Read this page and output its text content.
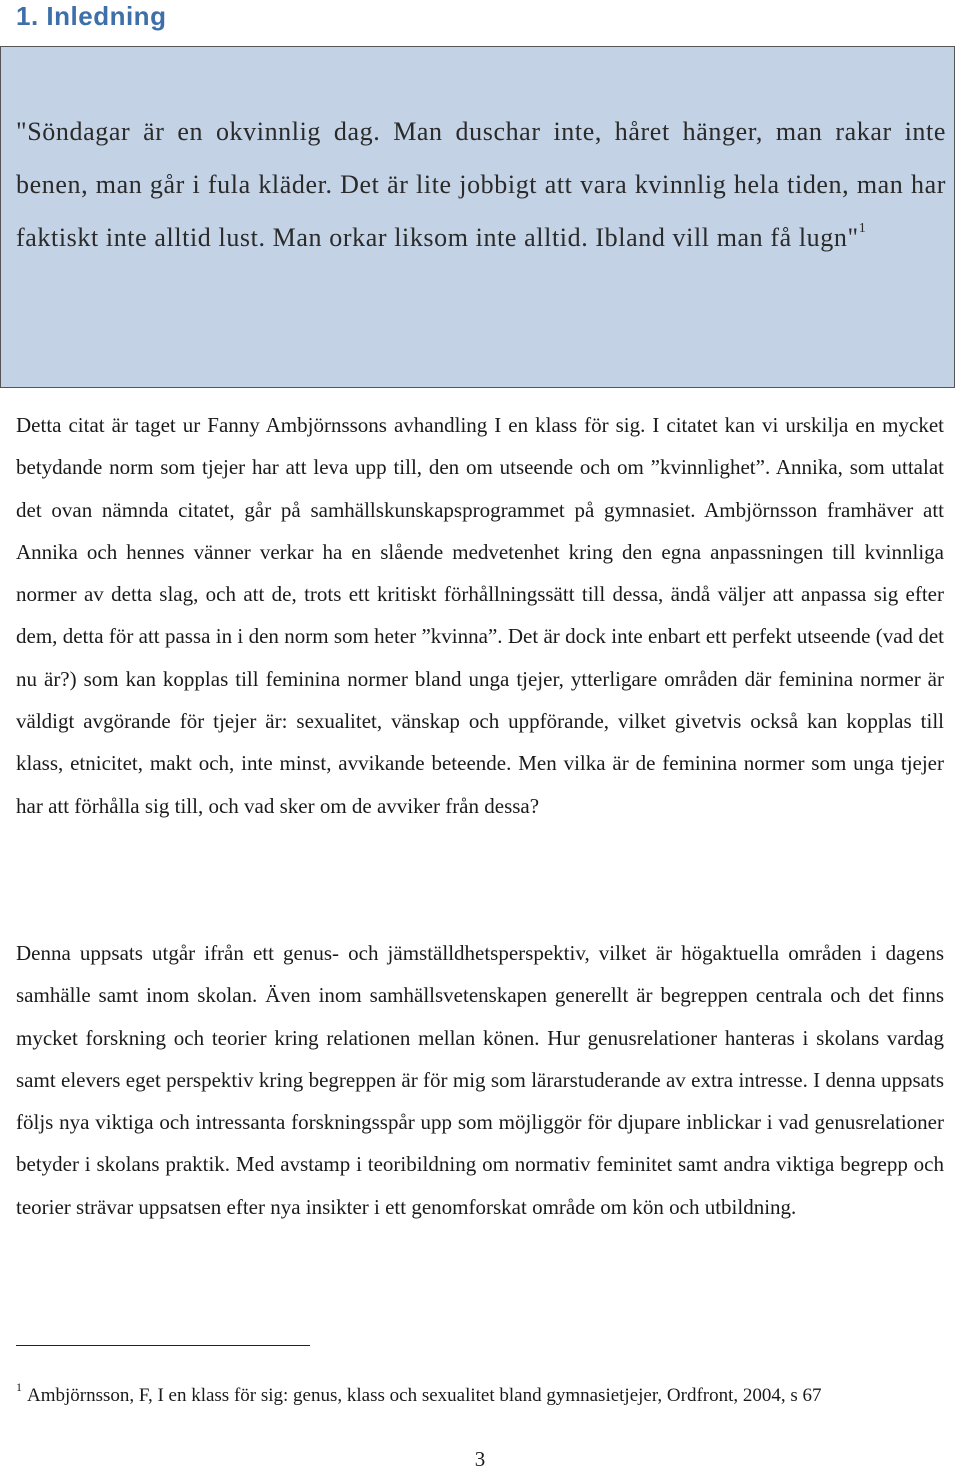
1. Inledning
"Söndagar är en okvinnlig dag. Man duschar inte, håret hänger, man rakar inte benen, man går i fula kläder. Det är lite jobbigt att vara kvinnlig hela tiden, man har faktiskt inte alltid lust. Man orkar liksom inte alltid. Ibland vill man få lugn"$^1$
Detta citat är taget ur Fanny Ambjörnssons avhandling I en klass för sig. I citatet kan vi urskilja en mycket betydande norm som tjejer har att leva upp till, den om utseende och om ”kvinnlighet”. Annika, som uttalat det ovan nämnda citatet, går på samhällskunskapsprogrammet på gymnasiet. Ambjörnsson framhäver att Annika och hennes vänner verkar ha en slående medvetenhet kring den egna anpassningen till kvinnliga normer av detta slag, och att de, trots ett kritiskt förhållningssätt till dessa, ändå väljer att anpassa sig efter dem, detta för att passa in i den norm som heter ”kvinna”. Det är dock inte enbart ett perfekt utseende (vad det nu är?) som kan kopplas till feminina normer bland unga tjejer, ytterligare områden där feminina normer är väldigt avgörande för tjejer är: sexualitet, vänskap och uppförande, vilket givetvis också kan kopplas till klass, etnicitet, makt och, inte minst, avvikande beteende. Men vilka är de feminina normer som unga tjejer har att förhålla sig till, och vad sker om de avviker från dessa?
Denna uppsats utgår ifrån ett genus- och jämställdhetsperspektiv, vilket är högaktuella områden i dagens samhälle samt inom skolan. Även inom samhällsvetenskapen generellt är begreppen centrala och det finns mycket forskning och teorier kring relationen mellan könen. Hur genusrelationer hanteras i skolans vardag samt elevers eget perspektiv kring begreppen är för mig som lärarstuderande av extra intresse. I denna uppsats följs nya viktiga och intressanta forskningsspår upp som möjliggör för djupare inblickar i vad genusrelationer betyder i skolans praktik. Med avstamp i teoribildning om normativ feminitet samt andra viktiga begrepp och teorier strävar uppsatsen efter nya insikter i ett genomforskat område om kön och utbildning.
$^1$ Ambjörnsson, F, I en klass för sig: genus, klass och sexualitet bland gymnasietjejer, Ordfront, 2004, s 67
3
